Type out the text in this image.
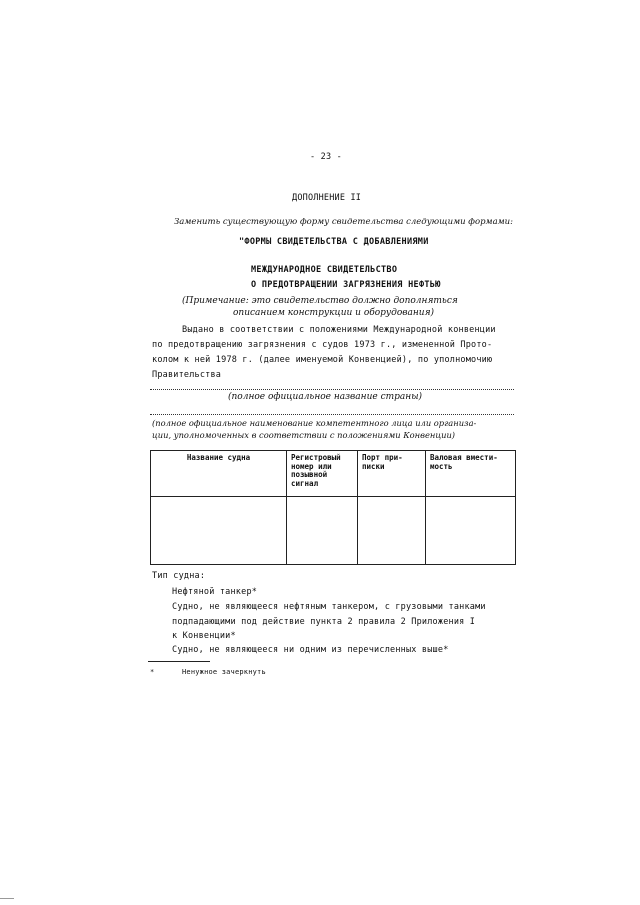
- 23 -
ДОПОЛНЕНИЕ II
Заменить существующую форму свидетельства следующими формами:
"ФОРМЫ СВИДЕТЕЛЬСТВА С ДОБАВЛЕНИЯМИ
МЕЖДУНАРОДНОЕ СВИДЕТЕЛЬСТВО
О ПРЕДОТВРАЩЕНИИ ЗАГРЯЗНЕНИЯ НЕФТЬЮ
(Примечание: это свидетельство должно дополняться
описанием конструкции и оборудования)
Выдано в соответствии с положениями Международной конвенции
по предотвращению загрязнения с судов 1973 г., измененной Прото-
колом к ней 1978 г. (далее именуемой Конвенцией), по уполномочию
Правительства
(полное официальное название страны)
(полное официальное наименование компетентного лица или организа-
ции, уполномоченных в соответствии с положениями Конвенции)
Название судна	Регистровый номер или позывной сигнал	Порт при- писки	Валовая вмести- мость

Тип судна:
Нефтяной танкер*
Судно, не являющееся нефтяным танкером, с грузовыми танками
подпадающими под действие пункта 2 правила 2 Приложения I
к Конвенции*
Судно, не являющееся ни одним из перечисленных выше*
*	Ненужное зачеркнуть
